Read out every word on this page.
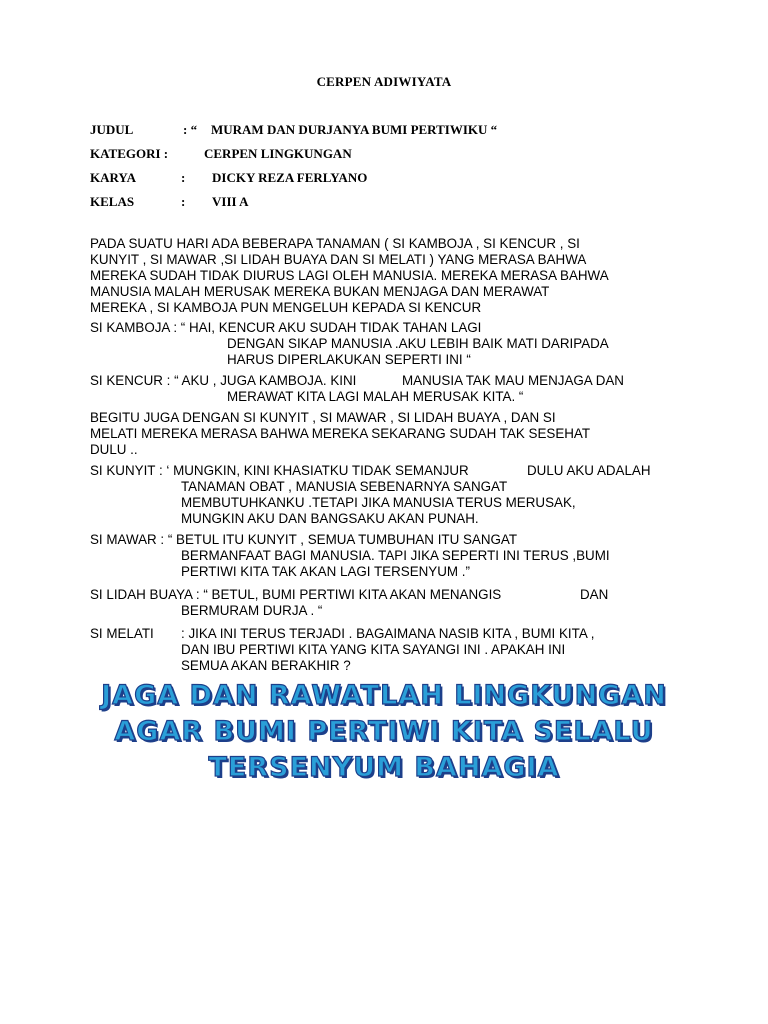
CERPEN ADIWIYATA
JUDUL	: “ MURAM DAN DURJANYA BUMI PERTIWIKU “
KATEGORI :	CERPEN LINGKUNGAN
KARYA	: DICKY REZA FERLYANO
KELAS	: VIII A
PADA SUATU HARI ADA BEBERAPA TANAMAN ( SI KAMBOJA , SI KENCUR , SI
KUNYIT , SI MAWAR ,SI LIDAH BUAYA DAN SI MELATI ) YANG MERASA BAHWA
MEREKA SUDAH TIDAK DIURUS LAGI OLEH MANUSIA. MEREKA MERASA BAHWA
MANUSIA MALAH MERUSAK MEREKA BUKAN MENJAGA DAN MERAWAT
MEREKA , SI KAMBOJA PUN MENGELUH KEPADA SI KENCUR
SI KAMBOJA : “ HAI, KENCUR AKU SUDAH TIDAK TAHAN LAGI
DENGAN SIKAP MANUSIA .AKU LEBIH BAIK MATI DARIPADA
HARUS DIPERLAKUKAN SEPERTI INI “
SI KENCUR : “ AKU , JUGA KAMBOJA. KINI	MANUSIA TAK MAU MENJAGA DAN
MERAWAT KITA LAGI MALAH MERUSAK KITA. “
BEGITU JUGA DENGAN SI KUNYIT , SI MAWAR , SI LIDAH BUAYA , DAN SI
MELATI MEREKA MERASA BAHWA MEREKA SEKARANG SUDAH TAK SESEHAT
DULU ..
SI KUNYIT : ‘ MUNGKIN, KINI KHASIATKU TIDAK SEMANJUR	DULU AKU ADALAH
TANAMAN OBAT , MANUSIA SEBENARNYA SANGAT
MEMBUTUHKANKU .TETAPI JIKA MANUSIA TERUS MERUSAK,
MUNGKIN AKU DAN BANGSAKU AKAN PUNAH.
SI MAWAR : “ BETUL ITU KUNYIT , SEMUA TUMBUHAN ITU SANGAT
BERMANFAAT BAGI MANUSIA. TAPI JIKA SEPERTI INI TERUS ,BUMI
PERTIWI KITA TAK AKAN LAGI TERSENYUM .”
SI LIDAH BUAYA : “ BETUL, BUMI PERTIWI KITA AKAN MENANGIS	DAN
BERMURAM DURJA . “
SI MELATI : JIKA INI TERUS TERJADI . BAGAIMANA NASIB KITA , BUMI KITA ,
DAN IBU PERTIWI KITA YANG KITA SAYANGI INI . APAKAH INI
SEMUA AKAN BERAKHIR ?
JAGA DAN RAWATLAH LINGKUNGAN
AGAR BUMI PERTIWI KITA SELALU
TERSENYUM BAHAGIA
